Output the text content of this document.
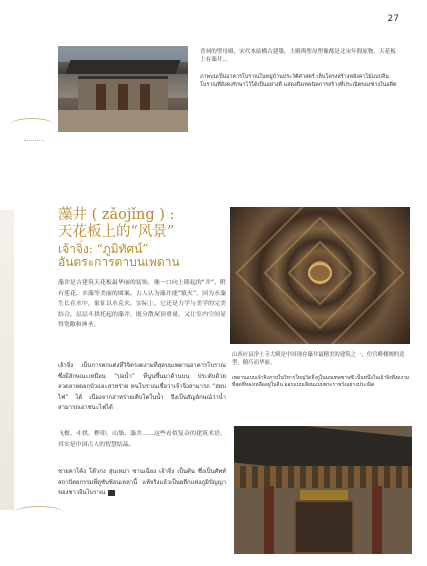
27
晋祠的聖母殿，宋代木結構古建築，主殿與聖母塑像都是北宋年間原物。天花板上有藻井...
ภาพบนเป็นอาคารโบราณในหมู่บ้านประวัติศาสตร์ เห็นโครงสร้างหลังคาไม้แบบจีนโบราณที่ยังคงรักษาไว้ได้เป็นอย่างดี แสดงถึงเทคนิคการสร้างที่ประณีตของช่างในอดีต
藻井 ( zǎojǐng ) :
天花板上的“风景”
เจ้าจิ่ง: “ภูมิทัศน์”
อันตระการตาบนเพดาน
藻井是古建筑天花板最华丽的装饰，像一口向上隆起的“井”，附有莲花、水藻等美丽的图案。古人认为藻井能“镇火”，因为水藻生长在水中，象征以水克火。实际上，它还是力学与美学的完美结合，层层斗拱托起的藻井，既分散屋顶重量，又让室内空间显得宽敞和神圣。
เจ้าจิ่ง เป็นการตกแต่งที่วิจิตรงดงามที่สุดบนเพดานอาคารโบราณ ซึ่งมีลักษณะเหมือน “บ่อน้ำ” ที่นูนขึ้นมาด้านบน ประดับด้วยลวดลายดอกบัวและสาหร่าย คนโบราณเชื่อว่าเจ้าจิ่งสามารถ “สยบไฟ” ได้ เนื่องจากสาหร่ายเติบโตในน้ำ จึงเป็นสัญลักษณ์ว่าน้ำสามารถเอาชนะไฟได้
飞檐、斗拱、榫卯、山墙、藻井……这些看似复杂的建筑术语，其实是中国古人的智慧结晶。
ชายคาโค้ง โต้วก่ง สุ่นเหม่า ซานเฉียง เจ้าจิ่ง เป็นต้น ซึ่งเป็นศัพท์สถาปัตยกรรมที่ดูซับซ้อนเหล่านี้ แท้จริงแล้วเป็นผลึกแห่งภูมิปัญญาของชาวจีนโบราณ
山西应县净土寺大殿是中国现存藻井最精美的建筑之一，仿宫殿楼阁的造型，精巧而华丽。
เพดานแบบเจ้าจิ่งภายในวิหารใหญ่วัดจิ้งถู่ในมณฑลซานซี เป็นหนึ่งในเจ้าจิ่งที่งดงามที่สุดที่หลงเหลืออยู่ในจีน ออกแบบเลียนแบบพระราชวังอย่างประณีต
